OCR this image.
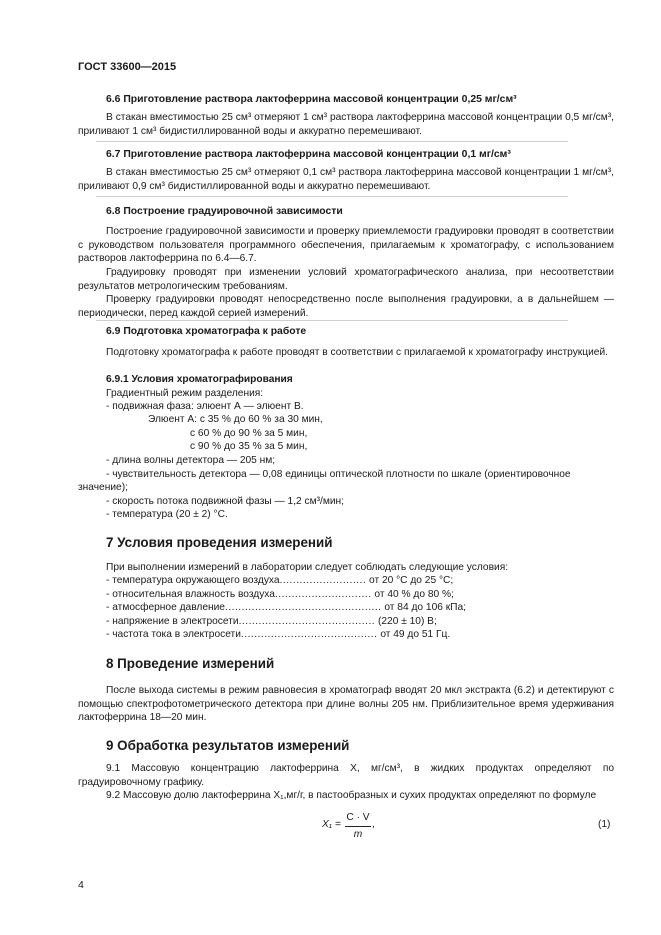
ГОСТ 33600—2015
6.6 Приготовление раствора лактоферрина массовой концентрации 0,25 мг/см³
В стакан вместимостью 25 см³ отмеряют 1 см³ раствора лактоферрина массовой концентрации 0,5 мг/см³, приливают 1 см³ бидистиллированной воды и аккуратно перемешивают.
6.7 Приготовление раствора лактоферрина массовой концентрации 0,1 мг/см³
В стакан вместимостью 25 см³ отмеряют 0,1 см³ раствора лактоферрина массовой концентрации 1 мг/см³, приливают 0,9 см³ бидистиллированной воды и аккуратно перемешивают.
6.8 Построение градуировочной зависимости
Построение градуировочной зависимости и проверку приемлемости градуировки проводят в соответствии с руководством пользователя программного обеспечения, прилагаемым к хроматографу, с использованием растворов лактоферрина по 6.4—6.7.
Градуировку проводят при изменении условий хроматографического анализа, при несоответствии результатов метрологическим требованиям.
Проверку градуировки проводят непосредственно после выполнения градуировки, а в дальнейшем — периодически, перед каждой серией измерений.
6.9 Подготовка хроматографа к работе
Подготовку хроматографа к работе проводят в соответствии с прилагаемой к хроматографу инструкцией.
6.9.1 Условия хроматографирования
Градиентный режим разделения:
- подвижная фаза: элюент А — элюент В.
Элюент А: с 35 % до 60 % за 30 мин,
с 60 % до 90 % за 5 мин,
с 90 % до 35 % за 5 мин,
- длина волны детектора — 205 нм;
- чувствительность детектора — 0,08 единицы оптической плотности по шкале (ориентировочное
значение);
- скорость потока подвижной фазы — 1,2 см³/мин;
- температура (20 ± 2) °С.
7 Условия проведения измерений
При выполнении измерений в лаборатории следует соблюдать следующие условия:
- температура окружающего воздуха.......................... от 20 °С до 25 °С;
- относительная влажность воздуха............................. от 40 % до 80 %;
- атмосферное давление............................................... от 84 до 106 кПа;
- напряжение в электросети......................................... (220 ± 10) В;
- частота тока в электросети......................................... от 49 до 51 Гц.
8 Проведение измерений
После выхода системы в режим равновесия в хроматограф вводят 20 мкл экстракта (6.2) и детектируют с помощью спектрофотометрического детектора при длине волны 205 нм. Приблизительное время удерживания лактоферрина 18—20 мин.
9 Обработка результатов измерений
9.1 Массовую концентрацию лактоферрина X, мг/см³, в жидких продуктах определяют по градуировочному графику.
9.2 Массовую долю лактоферрина X₁,мг/г, в пастообразных и сухих продуктах определяют по формуле
X₁ =
C · V
m
,	(1)
4
